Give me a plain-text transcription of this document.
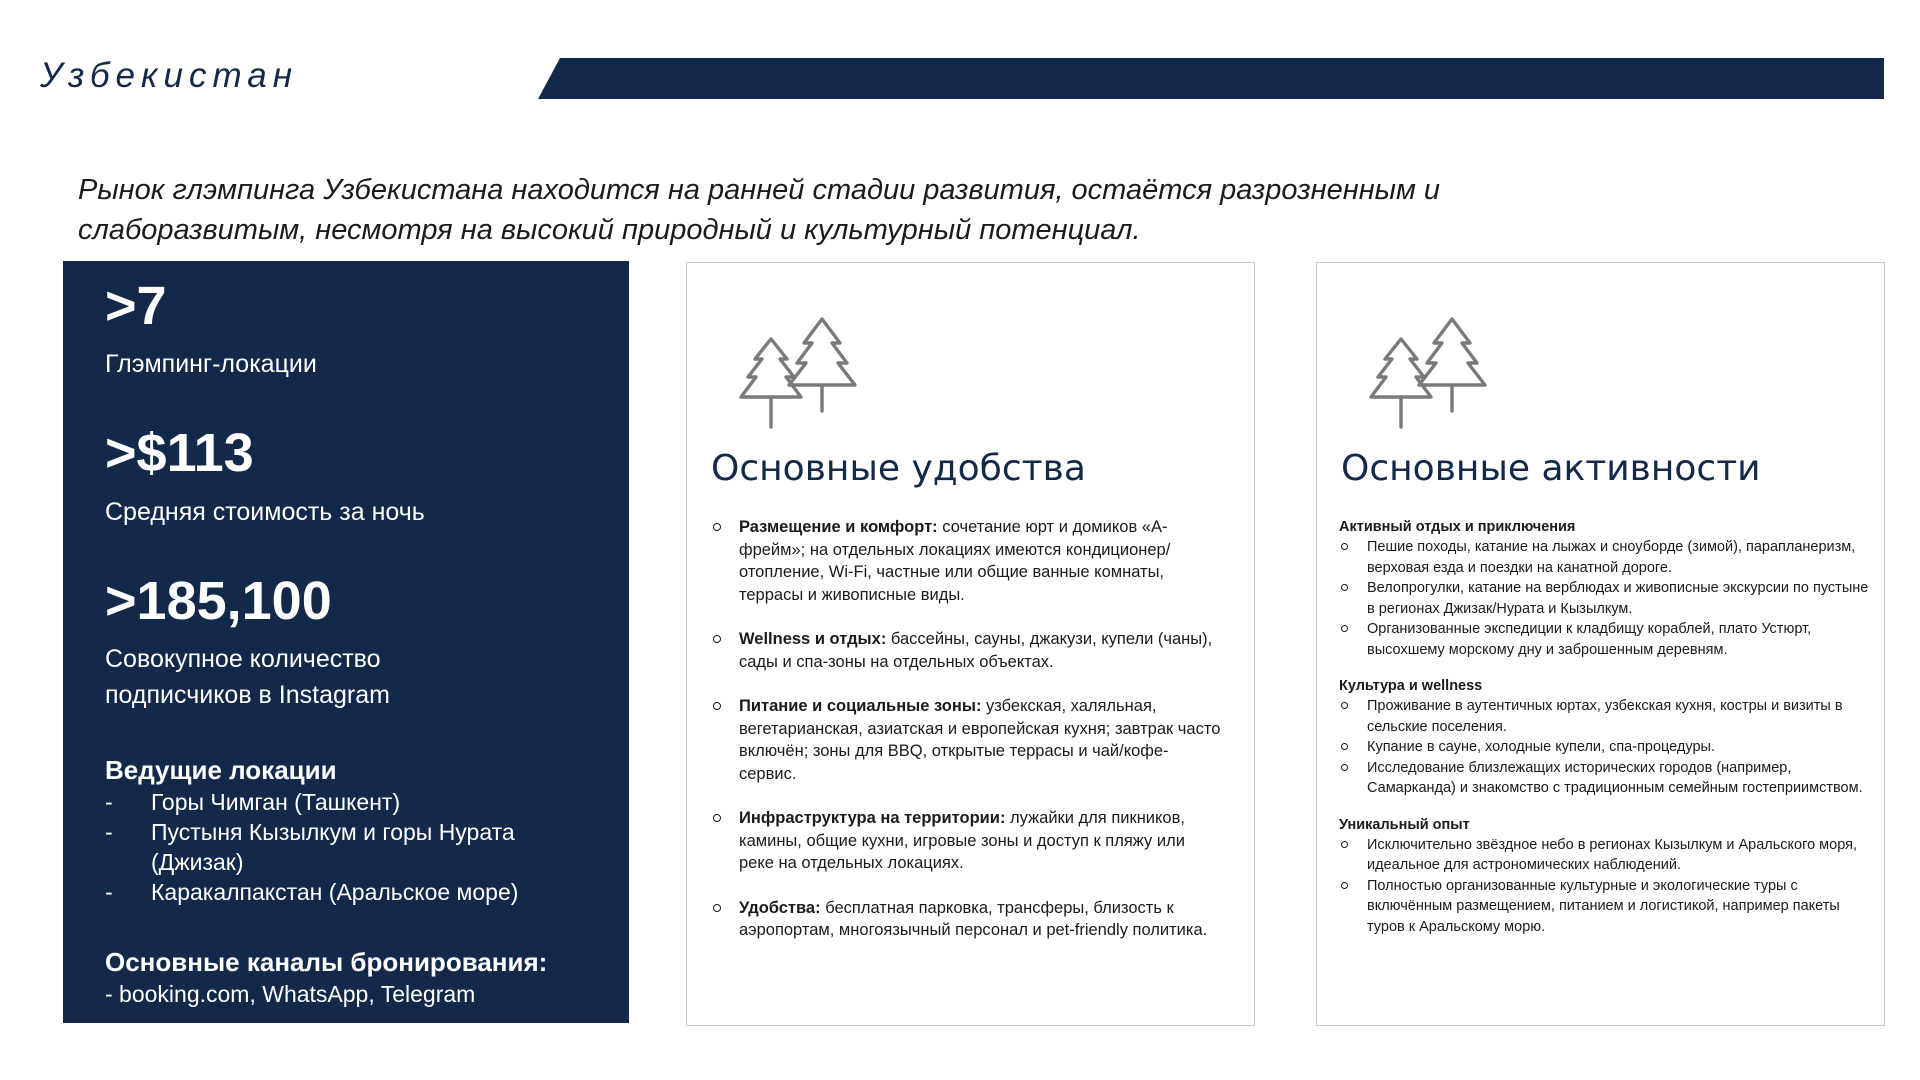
Узбекистан
Рынок глэмпинга Узбекистана находится на ранней стадии развития, остаётся разрозненным и слаборазвитым, несмотря на высокий природный и культурный потенциал.
>7
Глэмпинг-локации
>$113
Средняя стоимость за ночь
>185,100
Совокупное количество подписчиков в Instagram
Ведущие локации
- Горы Чимган (Ташкент)
- Пустыня Кызылкум и горы Нурата (Джизак)
- Каракалпакстан (Аральское море)
Основные каналы бронирования:
- booking.com, WhatsApp, Telegram
Основные удобства
Размещение и комфорт: сочетание юрт и домиков «А-фрейм»; на отдельных локациях имеются кондиционер/отопление, Wi-Fi, частные или общие ванные комнаты, террасы и живописные виды.
Wellness и отдых: бассейны, сауны, джакузи, купели (чаны), сады и спа-зоны на отдельных объектах.
Питание и социальные зоны: узбекская, халяльная, вегетарианская, азиатская и европейская кухня; завтрак часто включён; зоны для BBQ, открытые террасы и чай/кофе-сервис.
Инфраструктура на территории: лужайки для пикников, камины, общие кухни, игровые зоны и доступ к пляжу или реке на отдельных локациях.
Удобства: бесплатная парковка, трансферы, близость к аэропортам, многоязычный персонал и pet-friendly политика.
Основные активности
Активный отдых и приключения
Пешие походы, катание на лыжах и сноуборде (зимой), парапланеризм, верховая езда и поездки на канатной дороге.
Велопрогулки, катание на верблюдах и живописные экскурсии по пустыне в регионах Джизак/Нурата и Кызылкум.
Организованные экспедиции к кладбищу кораблей, плато Устюрт, высохшему морскому дну и заброшенным деревням.
Культура и wellness
Проживание в аутентичных юртах, узбекская кухня, костры и визиты в сельские поселения.
Купание в сауне, холодные купели, спа-процедуры.
Исследование близлежащих исторических городов (например, Самарканда) и знакомство с традиционным семейным гостеприимством.
Уникальный опыт
Исключительно звёздное небо в регионах Кызылкум и Аральского моря, идеальное для астрономических наблюдений.
Полностью организованные культурные и экологические туры с включённым размещением, питанием и логистикой, например пакеты туров к Аральскому морю.
